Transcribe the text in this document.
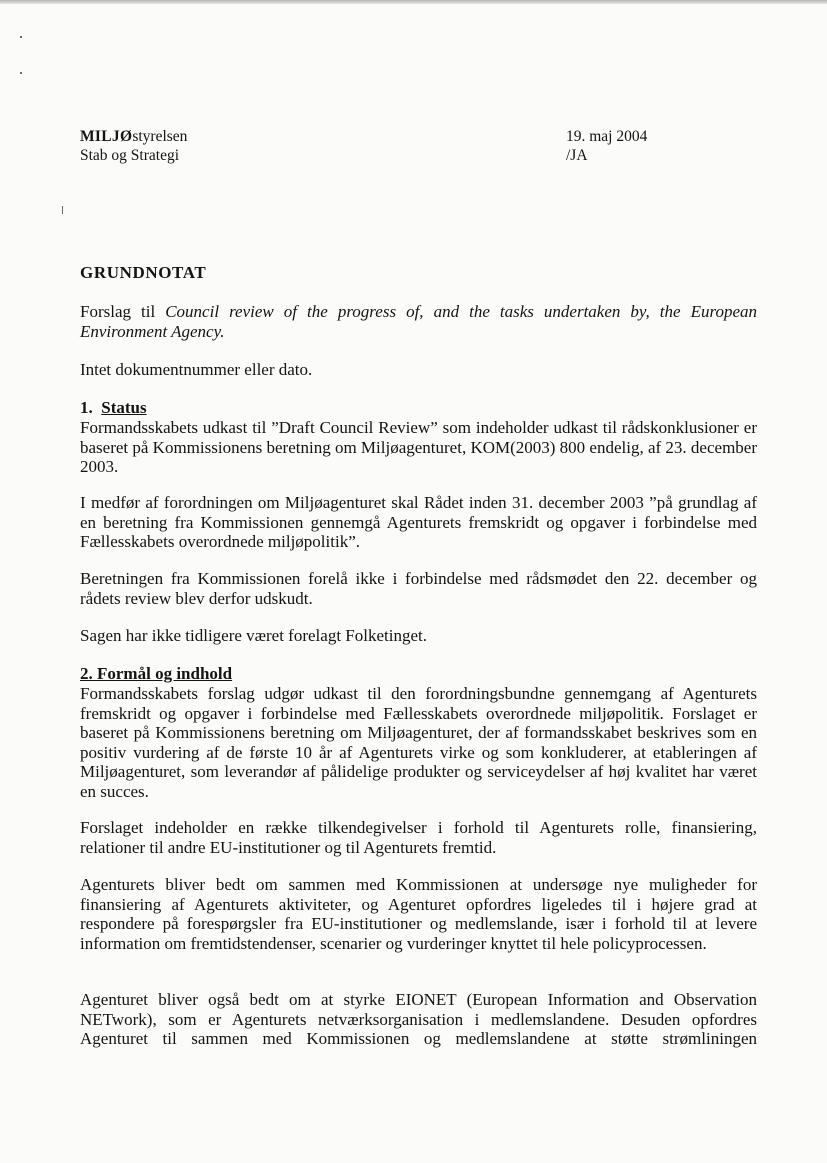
MILJØstyrelsen
Stab og Strategi
19. maj 2004
/JA
GRUNDNOTAT

Forslag til Council review of the progress of, and the tasks undertaken by, the European Environment Agency.

Intet dokumentnummer eller dato.

1. Status

Formandsskabets udkast til ”Draft Council Review” som indeholder udkast til rådskonklusioner er baseret på Kommissionens beretning om Miljøagenturet, KOM(2003) 800 endelig, af 23. december 2003.

I medfør af forordningen om Miljøagenturet skal Rådet inden 31. december 2003 ”på grundlag af en beretning fra Kommissionen gennemgå Agenturets fremskridt og opgaver i forbindelse med Fællesskabets overordnede miljøpolitik”.

Beretningen fra Kommissionen forelå ikke i forbindelse med rådsmødet den 22. december og rådets review blev derfor udskudt.

Sagen har ikke tidligere været forelagt Folketinget.

2. Formål og indhold

Formandsskabets forslag udgør udkast til den forordningsbundne gennemgang af Agenturets fremskridt og opgaver i forbindelse med Fællesskabets overordnede miljøpolitik. Forslaget er baseret på Kommissionens beretning om Miljøagenturet, der af formandsskabet beskrives som en positiv vurdering af de første 10 år af Agenturets virke og som konkluderer, at etableringen af Miljøagenturet, som leverandør af pålidelige produkter og serviceydelser af høj kvalitet har været en succes.

Forslaget indeholder en række tilkendegivelser i forhold til Agenturets rolle, finansiering, relationer til andre EU-institutioner og til Agenturets fremtid.

Agenturets bliver bedt om sammen med Kommissionen at undersøge nye muligheder for finansiering af Agenturets aktiviteter, og Agenturet opfordres ligeledes til i højere grad at respondere på forespørgsler fra EU-institutioner og medlemslande, især i forhold til at levere information om fremtidstendenser, scenarier og vurderinger knyttet til hele policyprocessen.

Agenturet bliver også bedt om at styrke EIONET (European Information and Observation NETwork), som er Agenturets netværksorganisation i medlemslandene. Desuden opfordres Agenturet til sammen med Kommissionen og medlemslandene at støtte strømliningen
